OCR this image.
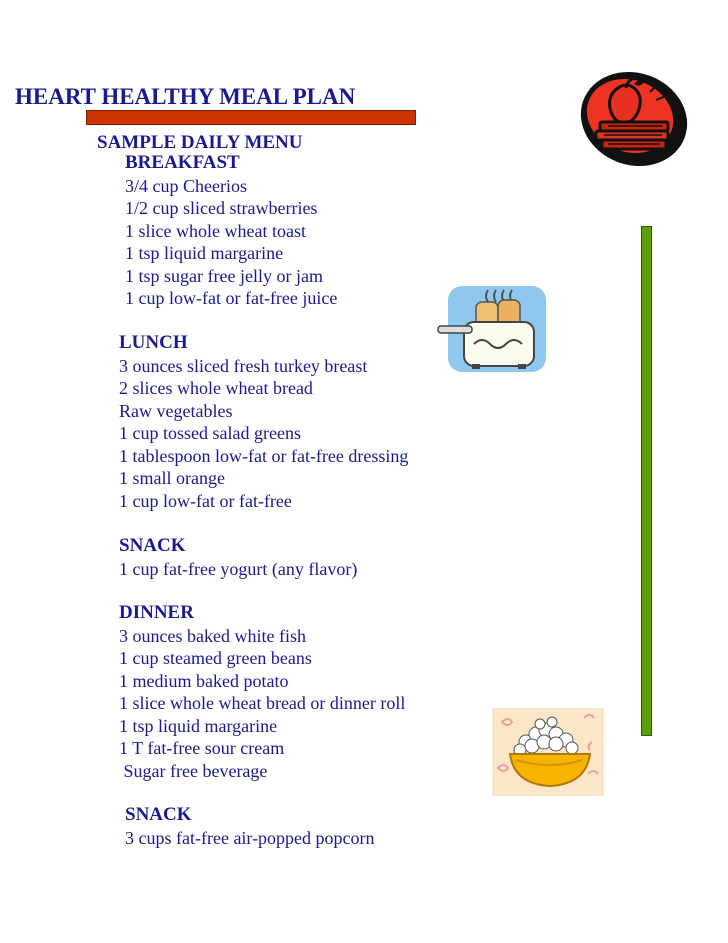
HEART HEALTHY MEAL PLAN
SAMPLE DAILY MENU
BREAKFAST
3/4 cup Cheerios
1/2 cup sliced strawberries
1 slice whole wheat toast
1 tsp liquid margarine
1 tsp sugar free jelly or jam
1 cup low-fat or fat-free juice
LUNCH
3 ounces sliced fresh turkey breast
2 slices whole wheat bread
Raw vegetables
1 cup tossed salad greens
1 tablespoon low-fat or fat-free dressing
1 small orange
1 cup low-fat or fat-free
SNACK
1 cup fat-free yogurt (any flavor)
DINNER
3 ounces baked white fish
1 cup steamed green beans
1 medium baked potato
1 slice whole wheat bread or dinner roll
1 tsp liquid margarine
1 T fat-free sour cream
Sugar free beverage
SNACK
3 cups fat-free air-popped popcorn
